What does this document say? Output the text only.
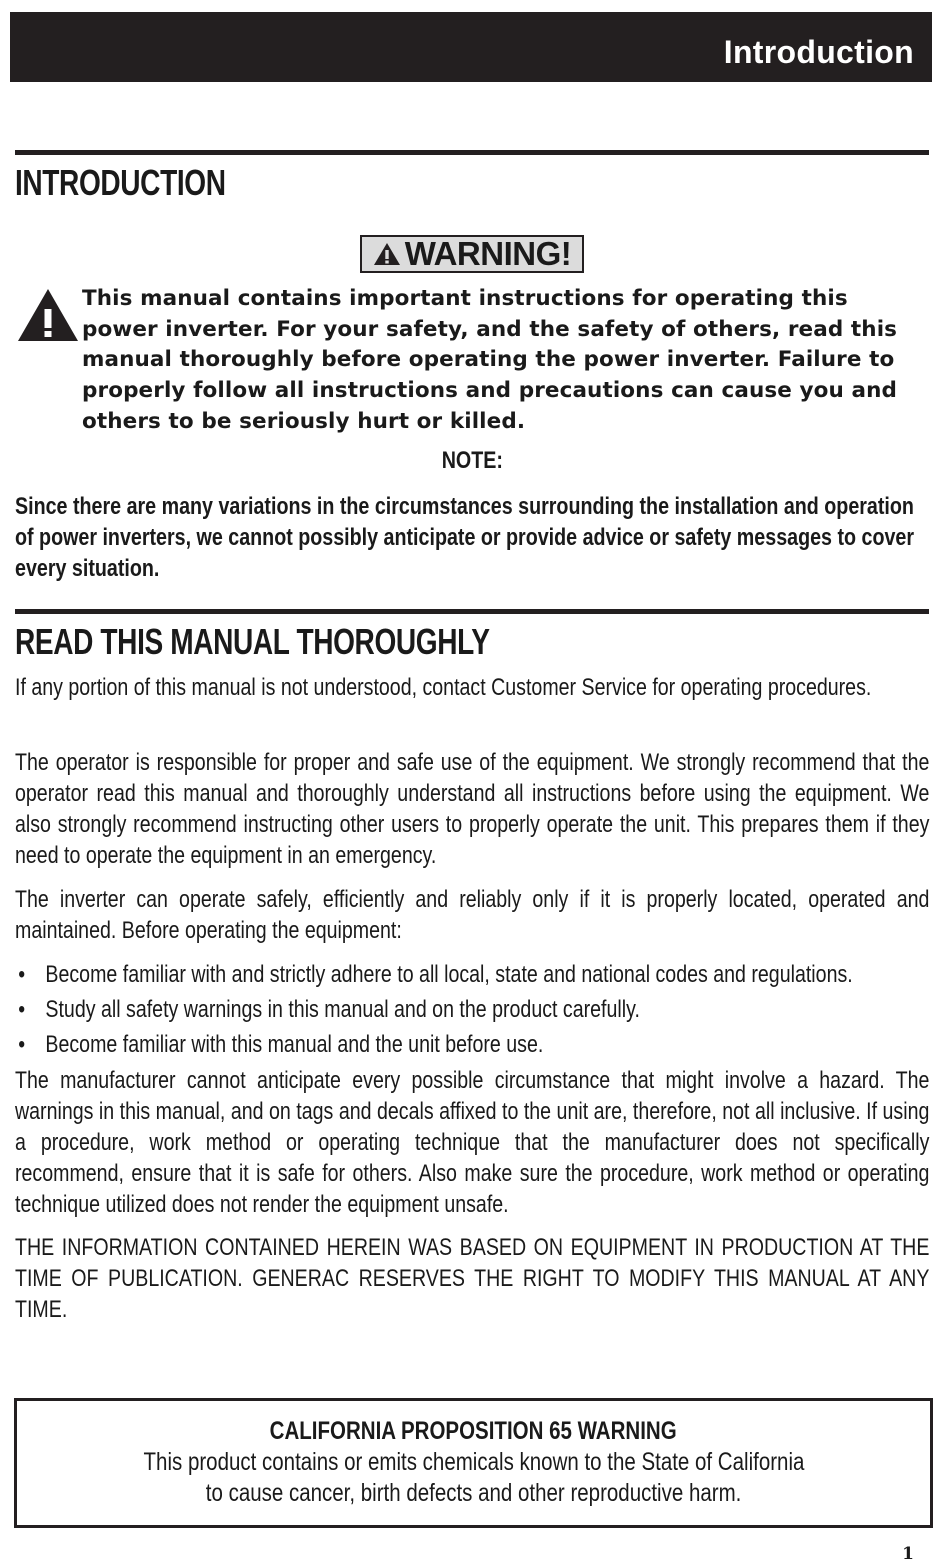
Introduction
INTRODUCTION
WARNING!

This manual contains important instructions for operating this power inverter. For your safety, and the safety of others, read this manual thoroughly before operating the power inverter. Failure to properly follow all instructions and precautions can cause you and others to be seriously hurt or killed.

NOTE:

Since there are many variations in the circumstances surrounding the installation and operation of power inverters, we cannot possibly anticipate or provide advice or safety messages to cover every situation.

READ THIS MANUAL THOROUGHLY

If any portion of this manual is not understood, contact Customer Service for operating procedures.

The operator is responsible for proper and safe use of the equipment. We strongly recommend that the operator read this manual and thoroughly understand all instructions before using the equipment. We also strongly recommend instructing other users to properly operate the unit. This prepares them if they need to operate the equipment in an emergency.

The inverter can operate safely, efficiently and reliably only if it is properly located, operated and maintained. Before operating the equipment:

• Become familiar with and strictly adhere to all local, state and national codes and regulations.
• Study all safety warnings in this manual and on the product carefully.
• Become familiar with this manual and the unit before use.

The manufacturer cannot anticipate every possible circumstance that might involve a hazard. The warnings in this manual, and on tags and decals affixed to the unit are, therefore, not all inclusive. If using a procedure, work method or operating technique that the manufacturer does not specifically recommend, ensure that it is safe for others. Also make sure the procedure, work method or operating technique utilized does not render the equipment unsafe.

THE INFORMATION CONTAINED HEREIN WAS BASED ON EQUIPMENT IN PRODUCTION AT THE TIME OF PUBLICATION. GENERAC RESERVES THE RIGHT TO MODIFY THIS MANUAL AT ANY TIME.

CALIFORNIA PROPOSITION 65 WARNING
This product contains or emits chemicals known to the State of California
to cause cancer, birth defects and other reproductive harm.
1
